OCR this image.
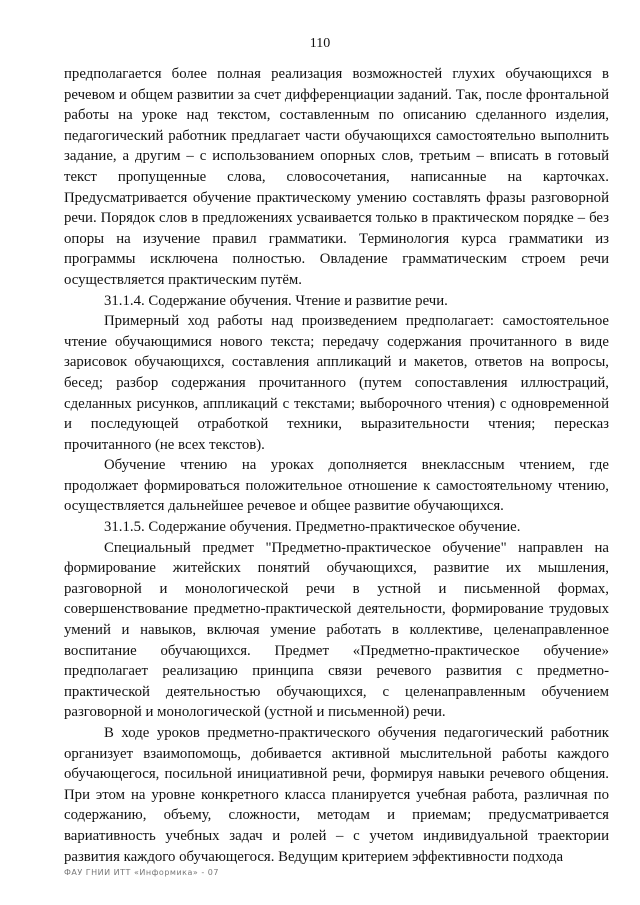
110

предполагается более полная реализация возможностей глухих обучающихся в речевом и общем развитии за счет дифференциации заданий. Так, после фронтальной работы на уроке над текстом, составленным по описанию сделанного изделия, педагогический работник предлагает части обучающихся самостоятельно выполнить задание, а другим – с использованием опорных слов, третьим – вписать в готовый текст пропущенные слова, словосочетания, написанные на карточках. Предусматривается обучение практическому умению составлять фразы разговорной речи. Порядок слов в предложениях усваивается только в практическом порядке – без опоры на изучение правил грамматики. Терминология курса грамматики из программы исключена полностью. Овладение грамматическим строем речи осуществляется практическим путём.

31.1.4. Содержание обучения. Чтение и развитие речи.

Примерный ход работы над произведением предполагает: самостоятельное чтение обучающимися нового текста; передачу содержания прочитанного в виде зарисовок обучающихся, составления аппликаций и макетов, ответов на вопросы, бесед; разбор содержания прочитанного (путем сопоставления иллюстраций, сделанных рисунков, аппликаций с текстами; выборочного чтения) с одновременной и последующей отработкой техники, выразительности чтения; пересказ прочитанного (не всех текстов).

Обучение чтению на уроках дополняется внеклассным чтением, где продолжает формироваться положительное отношение к самостоятельному чтению, осуществляется дальнейшее речевое и общее развитие обучающихся.

31.1.5. Содержание обучения. Предметно-практическое обучение.

Специальный предмет "Предметно-практическое обучение" направлен на формирование житейских понятий обучающихся, развитие их мышления, разговорной и монологической речи в устной и письменной формах, совершенствование предметно-практической деятельности, формирование трудовых умений и навыков, включая умение работать в коллективе, целенаправленное воспитание обучающихся. Предмет «Предметно-практическое обучение» предполагает реализацию принципа связи речевого развития с предметно-практической деятельностью обучающихся, с целенаправленным обучением разговорной и монологической (устной и письменной) речи.

В ходе уроков предметно-практического обучения педагогический работник организует взаимопомощь, добивается активной мыслительной работы каждого обучающегося, посильной инициативной речи, формируя навыки речевого общения. При этом на уровне конкретного класса планируется учебная работа, различная по содержанию, объему, сложности, методам и приемам; предусматривается вариативность учебных задач и ролей – с учетом индивидуальной траектории развития каждого обучающегося. Ведущим критерием эффективности подхода

ФАУ ГНИИ ИТТ «Информика» - 07
